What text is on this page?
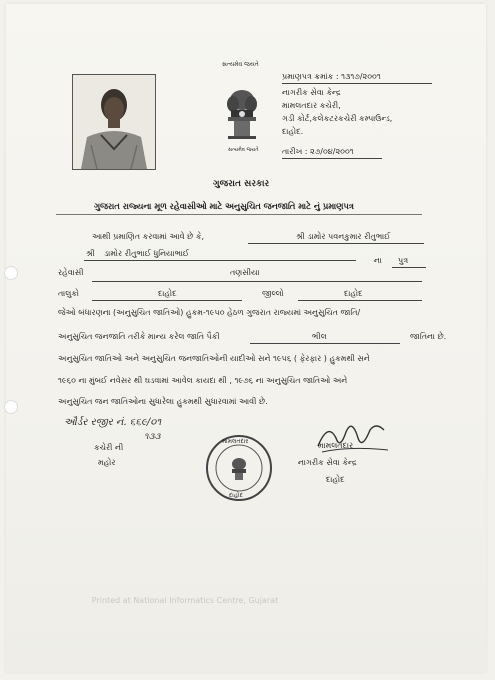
સત્યમેવ જયતે
સત્યમેવ જયતે
પ્રમાણપત્ર ક્રમાંક : ૧૩૧૭/૨૦૦૧
નાગરીક સેવા કેન્દ્ર
મામલતદાર કચેરી,
ગડી કોર્ટ,કલેકટરકચેરી કમ્પાઉન્ડ,
દાહોદ.
તારીખ : ૨૭/૦૪/૨૦૦૧
ગુજરાત સરકાર
ગુજરાત રાજ્યના મૂળ રહેવાસીઓ માટે અનુસુચિત જનજાતિ માટે નું પ્રમાણપત્ર
આથી પ્રમાણિત કરવામાં આવે છે કે,	શ્રી ડામોર પવનકુમાર રીતુભાઈ
શ્રી ડામોર રીતુભાઈ ધુનિયાભાઈ
ના પુત્ર
રહેવાસી	તણસીયા
તાલુકો	દાહોદ	જીલ્લો	દાહોદ
જેઓ બંધારણના (અનુસુચિત જાતિઓ) હુકમ-૧૯૫૦ હેઠળ ગુજરાત રાજ્યમાં અનુસુચિત જાતિ/
અનુસુચિત જનજાતિ તરીકે માન્ય કરેલ જાતિ પૈકી	ભીલ	જાતિના છે.
અનુસુચિત જાતિઓ અને અનુસુચિત જનજાતિઓની યાદીઓ સને ૧૯૫૬ ( ફેરફાર ) હુકમથી સને
૧૯૬૦ ના મુંબઈ નવેસર થી ઘડવામાં આવેલ કાયદા થી , ૧૯૭૬ ના અનુસુચિત જાતિઓ અને
અનુસુચિત જન જાતિઓના સુધારેલા હુકમથી સુધારવામાં આવી છે.
ઔર્ડર રજીર નં. ૬૬૯/૦૧
૧૩૩
કચેરી ની
મહોર
મામલતદાર
દાહોદ
મામલતદાર
નાગરીક સેવા કેન્દ્ર
દાહોદ
Printed at National Informatics Centre, Gujarat
